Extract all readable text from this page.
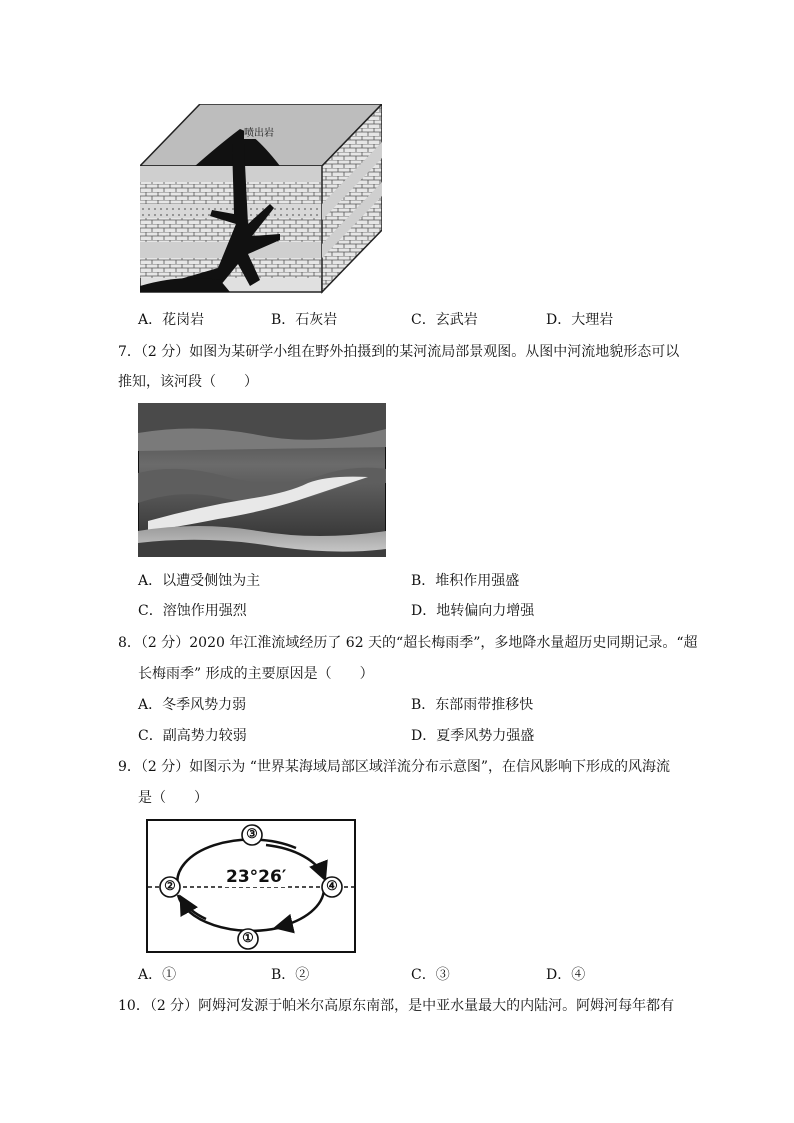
喷出岩
A．花岗岩	B．石灰岩	C．玄武岩	D．大理岩
7．（2 分）如图为某研学小组在野外拍摄到的某河流局部景观图。从图中河流地貌形态可以
推知，该河段（　　）
A．以遭受侧蚀为主	B．堆积作用强盛
C．溶蚀作用强烈	D．地转偏向力增强
8．（2 分）2020 年江淮流域经历了 62 天的“超长梅雨季”，多地降水量超历史同期记录。“超
长梅雨季” 形成的主要原因是（　　）
A．冬季风势力弱	B．东部雨带推移快
C．副高势力较弱	D．夏季风势力强盛
9．（2 分）如图示为 “世界某海域局部区域洋流分布示意图”，在信风影响下形成的风海流
是（　　）
23°26′
③
②	④
①
A．①	B．②	C．③	D．④
10．（2 分）阿姆河发源于帕米尔高原东南部，是中亚水量最大的内陆河。阿姆河每年都有
